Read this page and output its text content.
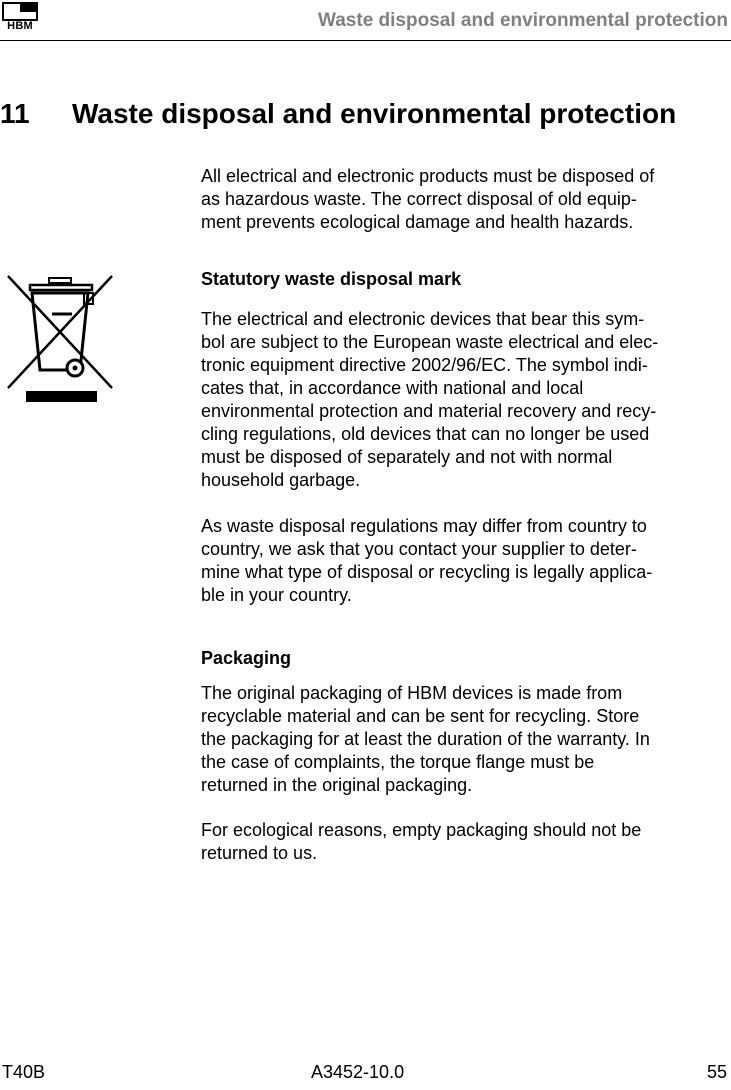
HBM	Waste disposal and environmental protection
11 Waste disposal and environmental protection

All electrical and electronic products must be disposed of
as hazardous waste. The correct disposal of old equip-
ment prevents ecological damage and health hazards.

Statutory waste disposal mark

The electrical and electronic devices that bear this sym-
bol are subject to the European waste electrical and elec-
tronic equipment directive 2002/96/EC. The symbol indi-
cates that, in accordance with national and local
environmental protection and material recovery and recy-
cling regulations, old devices that can no longer be used
must be disposed of separately and not with normal
household garbage.

As waste disposal regulations may differ from country to
country, we ask that you contact your supplier to deter-
mine what type of disposal or recycling is legally applica-
ble in your country.

Packaging

The original packaging of HBM devices is made from
recyclable material and can be sent for recycling. Store
the packaging for at least the duration of the warranty. In
the case of complaints, the torque flange must be
returned in the original packaging.

For ecological reasons, empty packaging should not be
returned to us.

T40B	A3452-10.0	55
